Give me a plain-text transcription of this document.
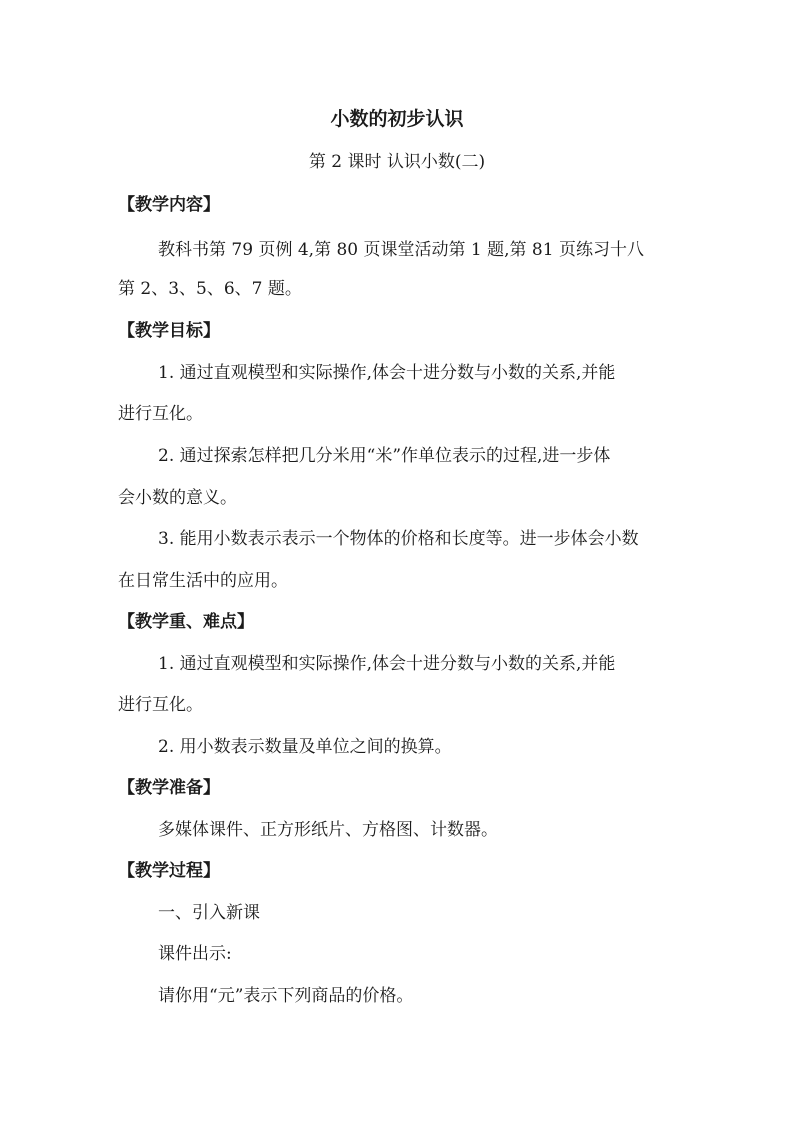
小数的初步认识
第 2 课时 认识小数(二)
【教学内容】
教科书第 79 页例 4,第 80 页课堂活动第 1 题,第 81 页练习十八
第 2、3、5、6、7 题。
【教学目标】
1. 通过直观模型和实际操作,体会十进分数与小数的关系,并能
进行互化。
2. 通过探索怎样把几分米用“米”作单位表示的过程,进一步体
会小数的意义。
3. 能用小数表示表示一个物体的价格和长度等。进一步体会小数
在日常生活中的应用。
【教学重、难点】
1. 通过直观模型和实际操作,体会十进分数与小数的关系,并能
进行互化。
2. 用小数表示数量及单位之间的换算。
【教学准备】
多媒体课件、正方形纸片、方格图、计数器。
【教学过程】
一、引入新课
课件出示:
请你用“元”表示下列商品的价格。
